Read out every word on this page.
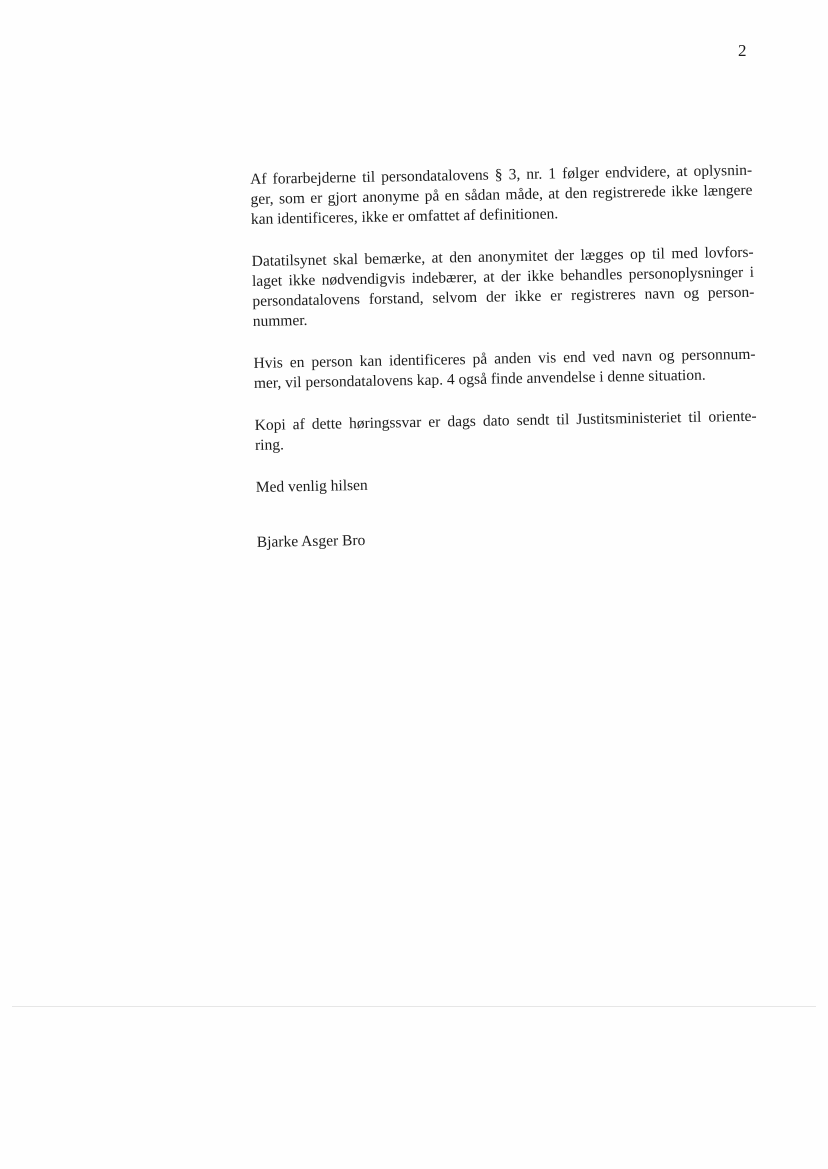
2

Af forarbejderne til persondatalovens § 3, nr. 1 følger endvidere, at oplysnin-
ger, som er gjort anonyme på en sådan måde, at den registrerede ikke længere
kan identificeres, ikke er omfattet af definitionen.

Datatilsynet skal bemærke, at den anonymitet der lægges op til med lovfors-
laget ikke nødvendigvis indebærer, at der ikke behandles personoplysninger i
persondatalovens forstand, selvom der ikke er registreres navn og person-
nummer.

Hvis en person kan identificeres på anden vis end ved navn og personnum-
mer, vil persondatalovens kap. 4 også finde anvendelse i denne situation.

Kopi af dette høringssvar er dags dato sendt til Justitsministeriet til oriente-
ring.

Med venlig hilsen

Bjarke Asger Bro
